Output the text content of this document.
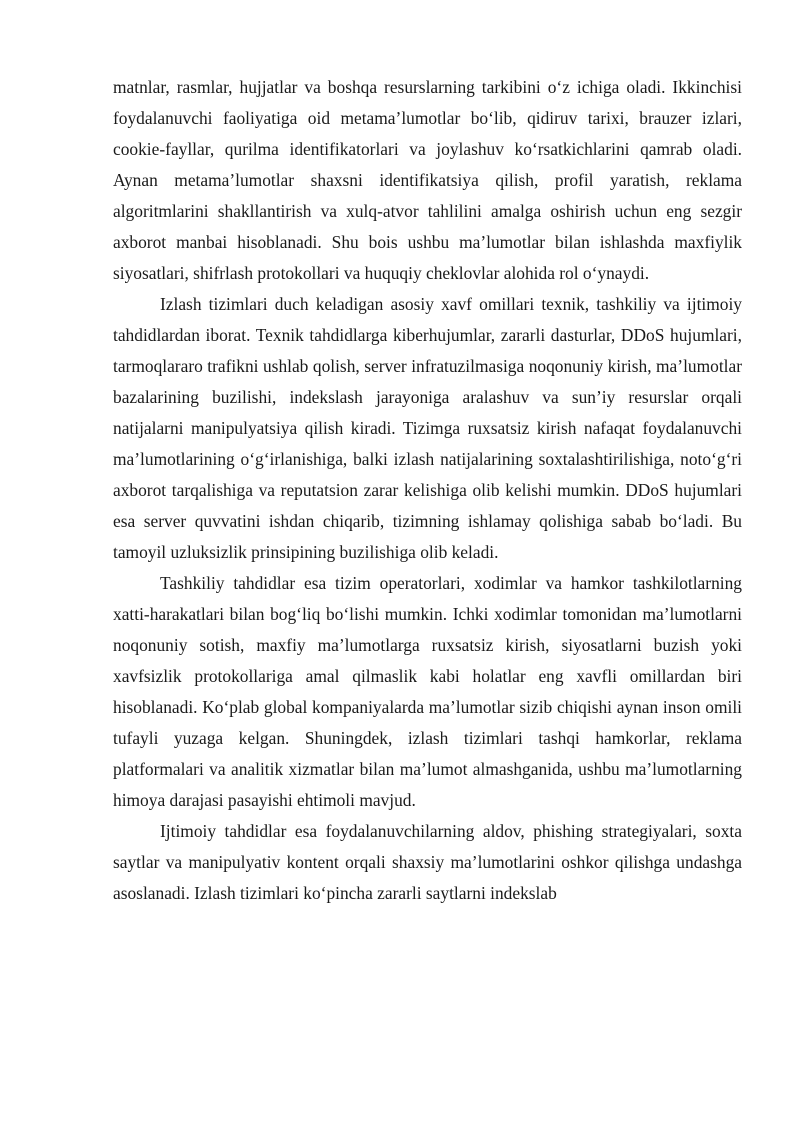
matnlar, rasmlar, hujjatlar va boshqa resurslarning tarkibini o‘z ichiga oladi. Ikkinchisi foydalanuvchi faoliyatiga oid metama’lumotlar bo‘lib, qidiruv tarixi, brauzer izlari, cookie-fayllar, qurilma identifikatorlari va joylashuv ko‘rsatkichlarini qamrab oladi. Aynan metama’lumotlar shaxsni identifikatsiya qilish, profil yaratish, reklama algoritmlarini shakllantirish va xulq-atvor tahlilini amalga oshirish uchun eng sezgir axborot manbai hisoblanadi. Shu bois ushbu ma’lumotlar bilan ishlashda maxfiylik siyosatlari, shifrlash protokollari va huquqiy cheklovlar alohida rol o‘ynaydi.

Izlash tizimlari duch keladigan asosiy xavf omillari texnik, tashkiliy va ijtimoiy tahdidlardan iborat. Texnik tahdidlarga kiberhujumlar, zararli dasturlar, DDoS hujumlari, tarmoqlararo trafikni ushlab qolish, server infratuzilmasiga noqonuniy kirish, ma’lumotlar bazalarining buzilishi, indekslash jarayoniga aralashuv va sun’iy resurslar orqali natijalarni manipulyatsiya qilish kiradi. Tizimga ruxsatsiz kirish nafaqat foydalanuvchi ma’lumotlarining o‘g‘irlanishiga, balki izlash natijalarining soxtalashtirilishiga, noto‘g‘ri axborot tarqalishiga va reputatsion zarar kelishiga olib kelishi mumkin. DDoS hujumlari esa server quvvatini ishdan chiqarib, tizimning ishlamay qolishiga sabab bo‘ladi. Bu tamoyil uzluksizlik prinsipining buzilishiga olib keladi.

Tashkiliy tahdidlar esa tizim operatorlari, xodimlar va hamkor tashkilotlarning xatti-harakatlari bilan bog‘liq bo‘lishi mumkin. Ichki xodimlar tomonidan ma’lumotlarni noqonuniy sotish, maxfiy ma’lumotlarga ruxsatsiz kirish, siyosatlarni buzish yoki xavfsizlik protokollariga amal qilmaslik kabi holatlar eng xavfli omillardan biri hisoblanadi. Ko‘plab global kompaniyalarda ma’lumotlar sizib chiqishi aynan inson omili tufayli yuzaga kelgan. Shuningdek, izlash tizimlari tashqi hamkorlar, reklama platformalari va analitik xizmatlar bilan ma’lumot almashganida, ushbu ma’lumotlarning himoya darajasi pasayishi ehtimoli mavjud.

Ijtimoiy tahdidlar esa foydalanuvchilarning aldov, phishing strategiyalari, soxta saytlar va manipulyativ kontent orqali shaxsiy ma’lumotlarini oshkor qilishga undashga asoslanadi. Izlash tizimlari ko‘pincha zararli saytlarni indekslab
